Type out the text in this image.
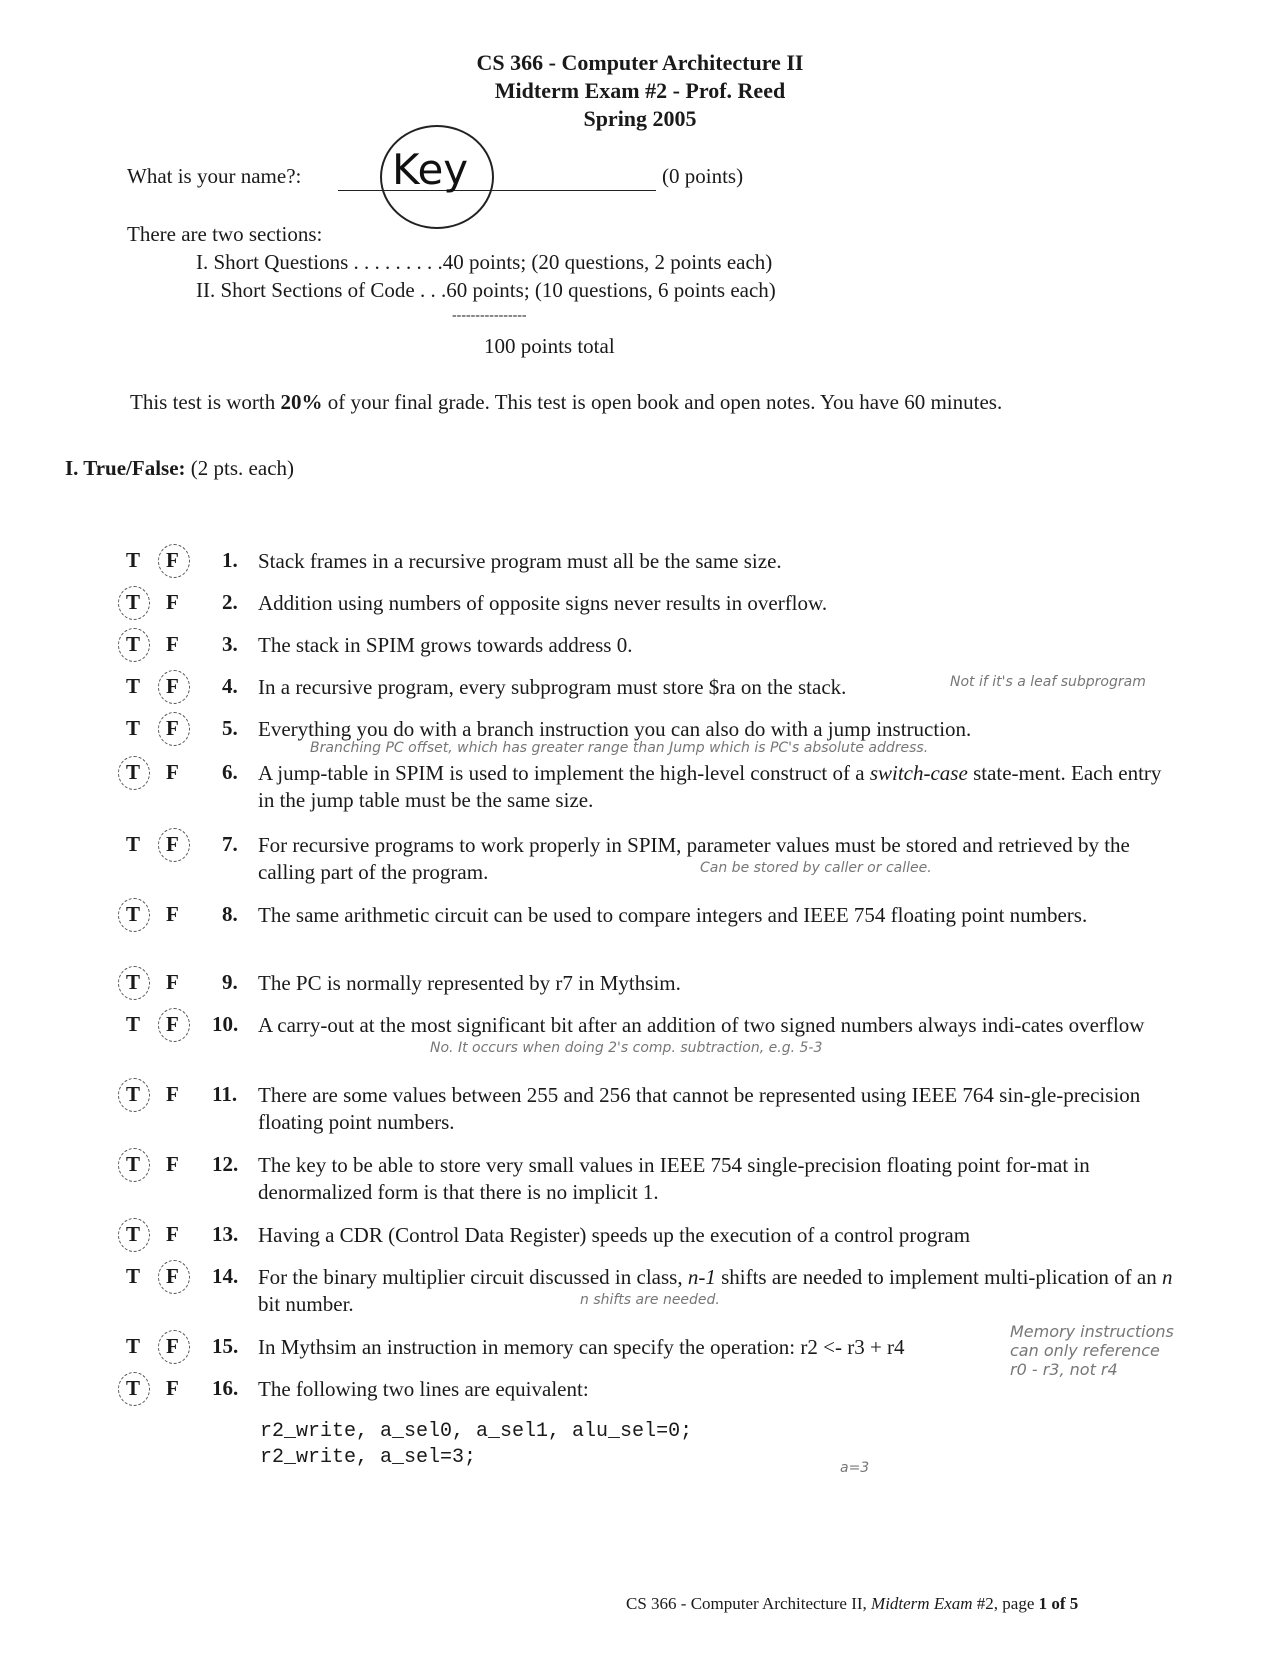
CS 366 - Computer Architecture II
Midterm Exam #2 - Prof. Reed
Spring 2005
What is your name?: Key	(0 points)
There are two sections:
I. Short Questions . . . . . . . . .40 points; (20 questions, 2 points each)
II. Short Sections of Code . . .60 points; (10 questions, 6 points each)
----------------
100 points total
This test is worth 20% of your final grade. This test is open book and open notes. You have 60 minutes.
I. True/False: (2 pts. each)
T F 1. Stack frames in a recursive program must all be the same size.
T F 2. Addition using numbers of opposite signs never results in overflow.
T F 3. The stack in SPIM grows towards address 0.
T F 4. In a recursive program, every subprogram must store $ra on the stack.	Not if it's a leaf subprogram
T F 5. Everything you do with a branch instruction you can also do with a jump instruction.
Branching PC offset, which has greater range than Jump which is PC's absolute address.
T F 6. A jump-table in SPIM is used to implement the high-level construct of a switch-case state-ment. Each entry in the jump table must be the same size.
T F 7. For recursive programs to work properly in SPIM, parameter values must be stored and retrieved by the calling part of the program.	Can be stored by caller or callee.
T F 8. The same arithmetic circuit can be used to compare integers and IEEE 754 floating point numbers.
T F 9. The PC is normally represented by r7 in Mythsim.
T F 10. A carry-out at the most significant bit after an addition of two signed numbers always indi-cates overflow
No. It occurs when doing 2's comp. subtraction, e.g. 5-3
T F 11. There are some values between 255 and 256 that cannot be represented using IEEE 764 sin-gle-precision floating point numbers.
T F 12. The key to be able to store very small values in IEEE 754 single-precision floating point for-mat in denormalized form is that there is no implicit 1.
T F 13. Having a CDR (Control Data Register) speeds up the execution of a control program
T F 14. For the binary multiplier circuit discussed in class, n-1 shifts are needed to implement multi-plication of an n bit number.	n shifts are needed.
T F 15. In Mythsim an instruction in memory can specify the operation: r2 <- r3 + r4
Memory instructions can only reference r0 - r3, not r4
T F 16. The following two lines are equivalent:
r2_write, a_sel0, a_sel1, alu_sel=0;
r2_write, a_sel=3;	a=3
CS 366 - Computer Architecture II, Midterm Exam #2, page 1 of 5
